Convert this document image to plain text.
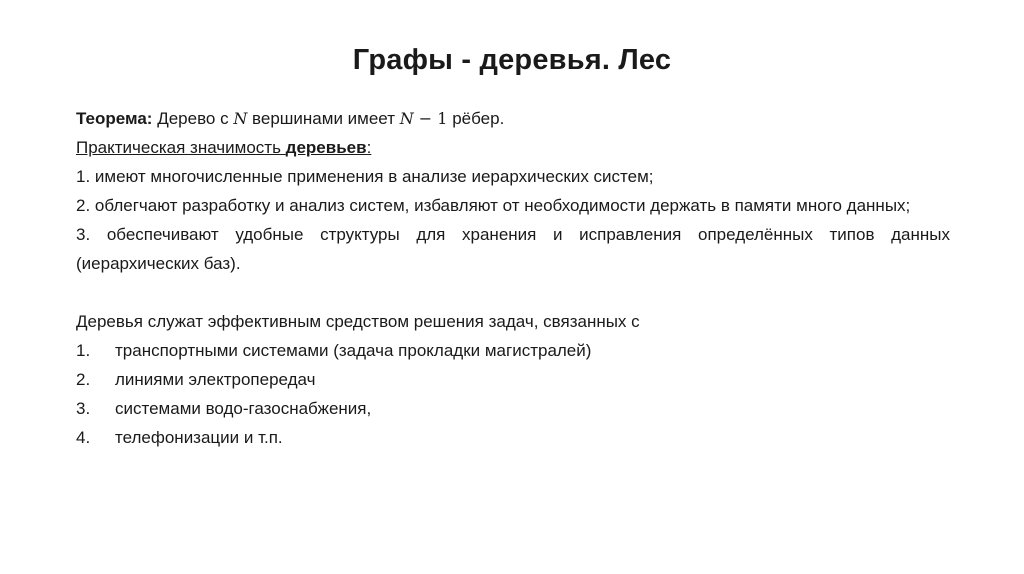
Графы - деревья. Лес
Теорема: Дерево с N вершинами имеет N − 1 рёбер.
Практическая значимость деревьев:
1. имеют многочисленные применения в анализе иерархических систем;
2. облегчают разработку и анализ систем, избавляют от необходимости держать в памяти много данных;
3. обеспечивают удобные структуры для хранения и исправления определённых типов данных (иерархических баз).
Деревья служат эффективным средством решения задач, связанных с
1.	транспортными системами (задача прокладки магистралей)
2.	линиями электропередач
3.	системами водо-газоснабжения,
4.	телефонизации и т.п.
